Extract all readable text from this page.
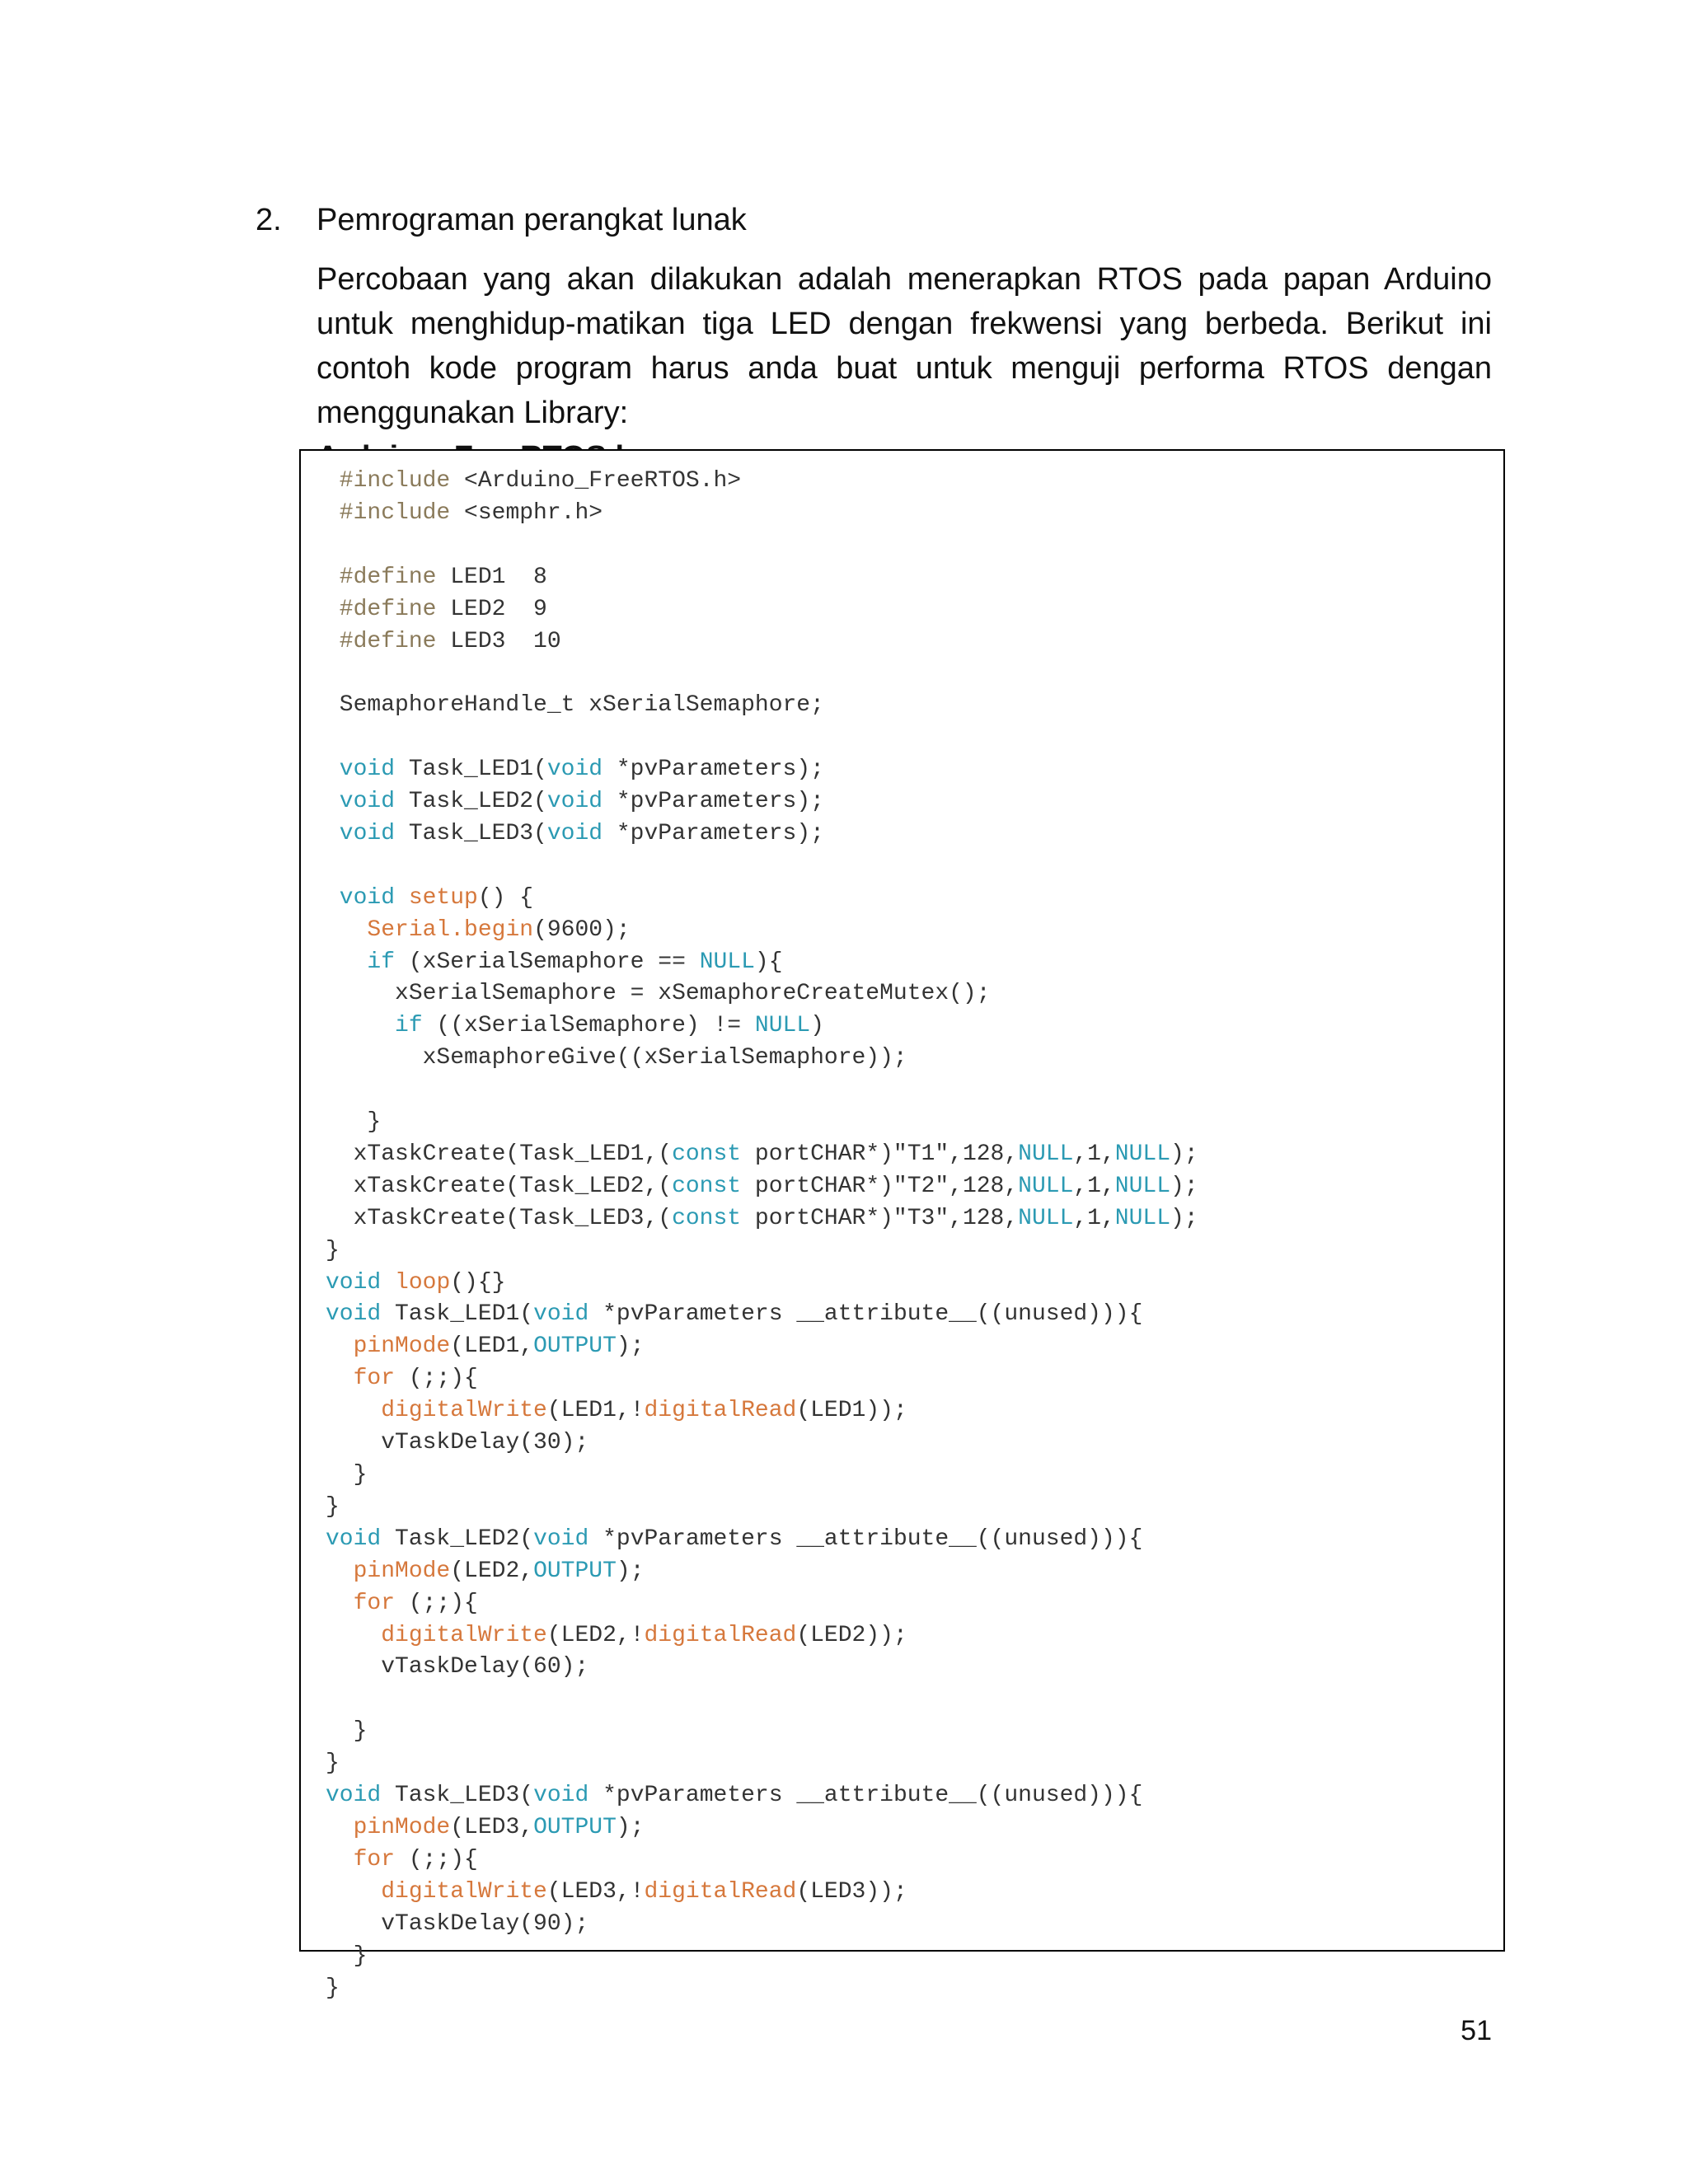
2.	Pemrograman perangkat lunak

Percobaan yang akan dilakukan adalah menerapkan RTOS pada papan Arduino untuk menghidup-matikan tiga LED dengan frekwensi yang berbeda. Berikut ini contoh kode program harus anda buat untuk menguji performa RTOS dengan menggunakan Library:

#include <Arduino_FreeRTOS.h>
#include <semphr.h>
#define LED1  8
#define LED2  9
#define LED3  10
SemaphoreHandle_t xSerialSemaphore;
void Task_LED1(void *pvParameters);
void Task_LED2(void *pvParameters);
void Task_LED3(void *pvParameters);
void setup() {
Serial.begin(9600);
if (xSerialSemaphore == NULL){
xSerialSemaphore = xSemaphoreCreateMutex();
if ((xSerialSemaphore) != NULL)
xSemaphoreGive((xSerialSemaphore));
}
xTaskCreate(Task_LED1,(const portCHAR*)"T1",128,NULL,1,NULL);
xTaskCreate(Task_LED2,(const portCHAR*)"T2",128,NULL,1,NULL);
xTaskCreate(Task_LED3,(const portCHAR*)"T3",128,NULL,1,NULL);
}
void loop(){}
void Task_LED1(void *pvParameters __attribute__((unused))){
pinMode(LED1,OUTPUT);
for (;;){
digitalWrite(LED1,!digitalRead(LED1));
vTaskDelay(30);
}
}
void Task_LED2(void *pvParameters __attribute__((unused))){
pinMode(LED2,OUTPUT);
for (;;){
digitalWrite(LED2,!digitalRead(LED2));
vTaskDelay(60);
}
}
void Task_LED3(void *pvParameters __attribute__((unused))){
pinMode(LED3,OUTPUT);
for (;;){
digitalWrite(LED3,!digitalRead(LED3));
vTaskDelay(90);
}
}
51
